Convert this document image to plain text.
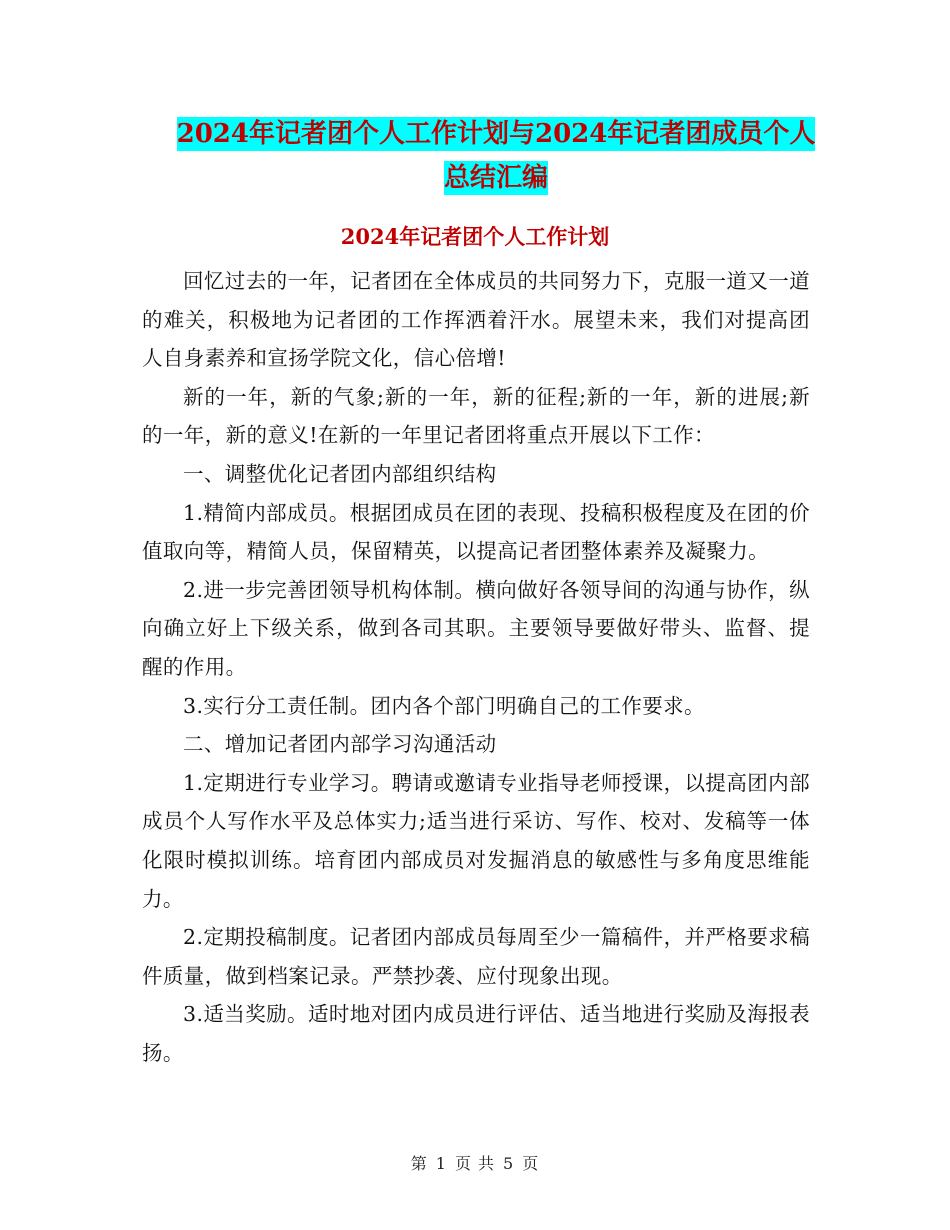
2024年记者团个人工作计划与2024年记者团成员个人
总结汇编
2024年记者团个人工作计划

回忆过去的一年，记者团在全体成员的共同努力下，克服一道又一道的难关，积极地为记者团的工作挥洒着汗水。展望未来，我们对提高团人自身素养和宣扬学院文化，信心倍增!

新的一年，新的气象;新的一年，新的征程;新的一年，新的进展;新的一年，新的意义!在新的一年里记者团将重点开展以下工作：

一、调整优化记者团内部组织结构

1.精简内部成员。根据团成员在团的表现、投稿积极程度及在团的价值取向等，精简人员，保留精英，以提高记者团整体素养及凝聚力。

2.进一步完善团领导机构体制。横向做好各领导间的沟通与协作，纵向确立好上下级关系，做到各司其职。主要领导要做好带头、监督、提醒的作用。

3.实行分工责任制。团内各个部门明确自己的工作要求。

二、增加记者团内部学习沟通活动

1.定期进行专业学习。聘请或邀请专业指导老师授课，以提高团内部成员个人写作水平及总体实力;适当进行采访、写作、校对、发稿等一体化限时模拟训练。培育团内部成员对发掘消息的敏感性与多角度思维能力。

2.定期投稿制度。记者团内部成员每周至少一篇稿件，并严格要求稿件质量，做到档案记录。严禁抄袭、应付现象出现。

3.适当奖励。适时地对团内成员进行评估、适当地进行奖励及海报表扬。

第 1 页 共 5 页
